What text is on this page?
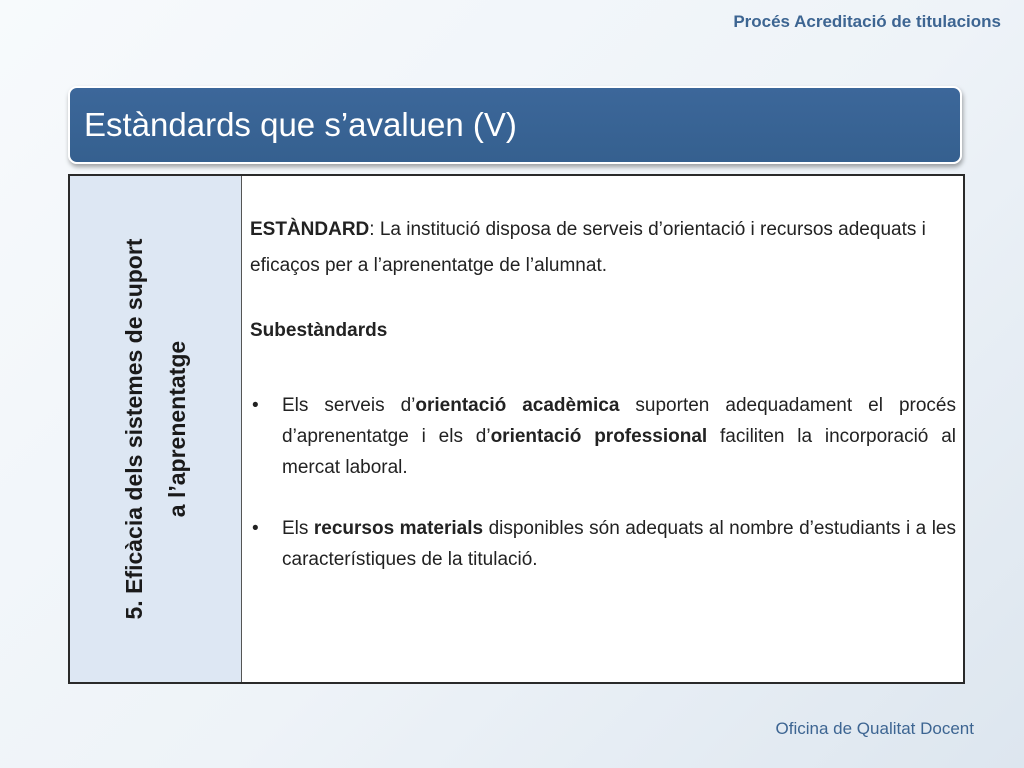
Procés Acreditació de titulacions
Estàndards que s’avaluen (V)
5. Eficàcia dels sistemes de suport a l’aprenentatge
ESTÀNDARD: La institució disposa de serveis d’orientació i recursos adequats i eficaços per a l’aprenentatge de l’alumnat.
Subestàndards
• Els serveis d’orientació acadèmica suporten adequadament el procés d’aprenentatge i els d’orientació professional faciliten la incorporació al mercat laboral.
• Els recursos materials disponibles són adequats al nombre d’estudiants i a les característiques de la titulació.
Oficina de Qualitat Docent
